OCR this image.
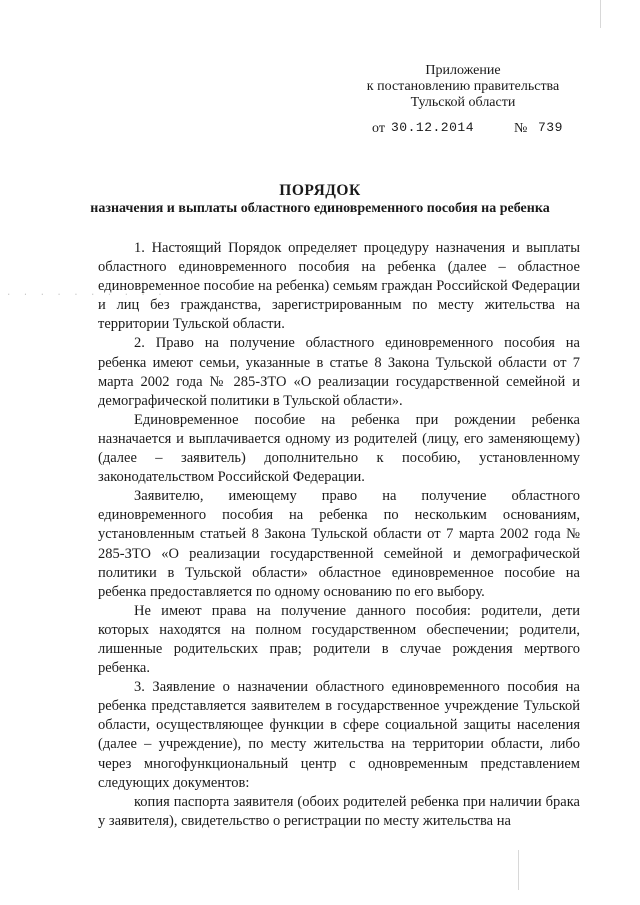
Приложение
к постановлению правительства
Тульской области
от 30.12.2014	№ 739
ПОРЯДОК
назначения и выплаты областного единовременного пособия на ребенка

1. Настоящий Порядок определяет процедуру назначения и выплаты областного единовременного пособия на ребенка (далее – областное единовременное пособие на ребенка) семьям граждан Российской Федерации и лиц без гражданства, зарегистрированным по месту жительства на территории Тульской области.

2. Право на получение областного единовременного пособия на ребенка имеют семьи, указанные в статье 8 Закона Тульской области от 7 марта 2002 года № 285-ЗТО «О реализации государственной семейной и демографической политики в Тульской области».

Единовременное пособие на ребенка при рождении ребенка назначается и выплачивается одному из родителей (лицу, его заменяющему) (далее – заявитель) дополнительно к пособию, установленному законодательством Российской Федерации.

Заявителю, имеющему право на получение областного единовременного пособия на ребенка по нескольким основаниям, установленным статьей 8 Закона Тульской области от 7 марта 2002 года № 285-ЗТО «О реализации государственной семейной и демографической политики в Тульской области» областное единовременное пособие на ребенка предоставляется по одному основанию по его выбору.

Не имеют права на получение данного пособия: родители, дети которых находятся на полном государственном обеспечении; родители, лишенные родительских прав; родители в случае рождения мертвого ребенка.

3. Заявление о назначении областного единовременного пособия на ребенка представляется заявителем в государственное учреждение Тульской области, осуществляющее функции в сфере социальной защиты населения (далее – учреждение), по месту жительства на территории области, либо через многофункциональный центр с одновременным представлением следующих документов:

копия паспорта заявителя (обоих родителей ребенка при наличии брака у заявителя), свидетельство о регистрации по месту жительства на

· · · · · · · · · ·
